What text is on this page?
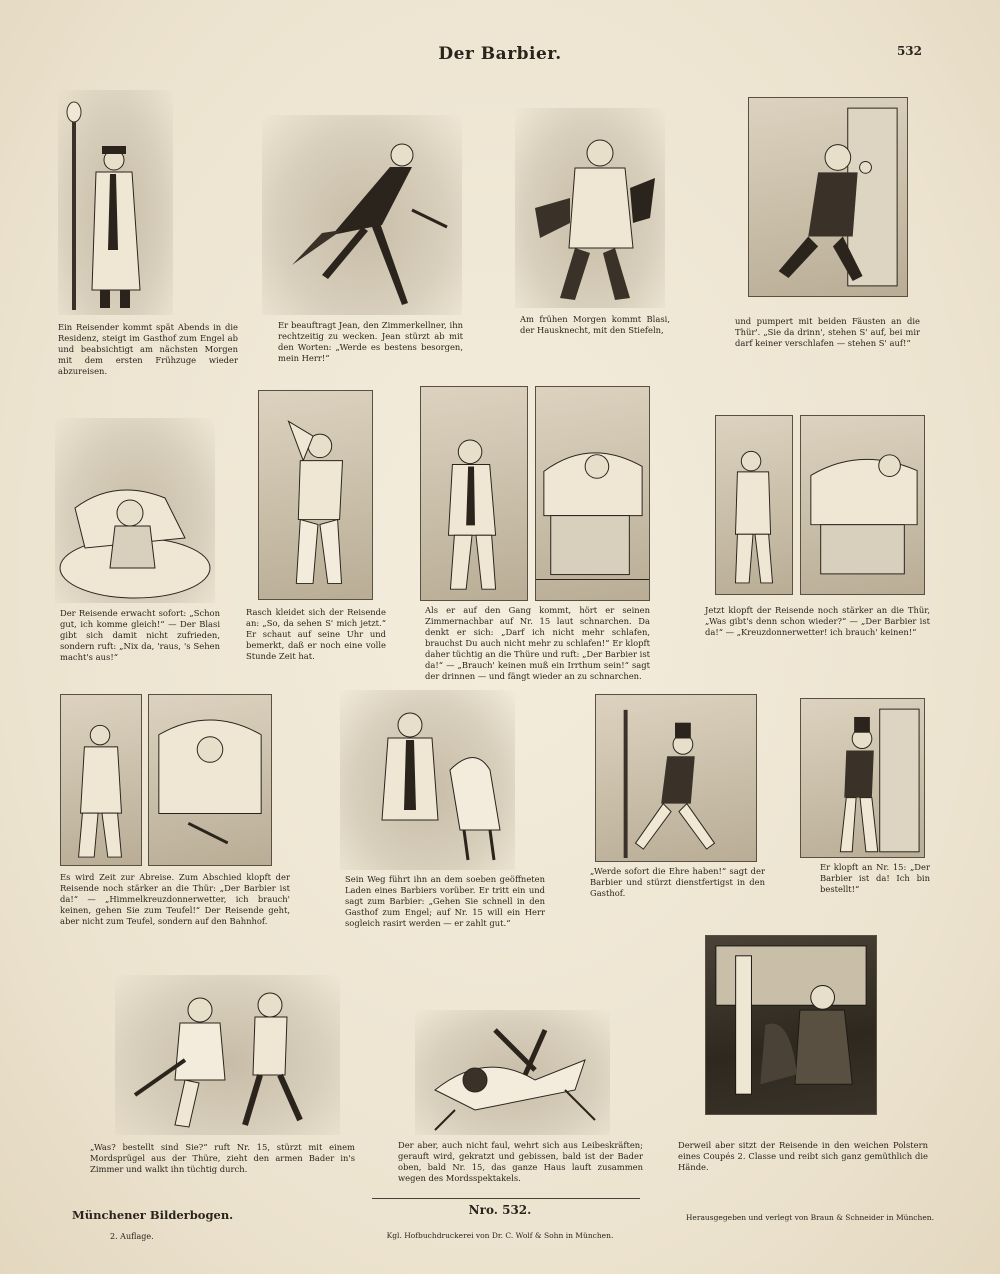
Der Barbier.	532

Ein Reisender kommt spät Abends in die Residenz, steigt im Gasthof zum Engel ab und beabsichtigt am nächsten Morgen mit dem ersten Frühzuge wieder abzureisen.

Er beauftragt Jean, den Zimmerkellner, ihn rechtzeitig zu wecken. Jean stürzt ab mit den Worten: „Werde es bestens besorgen, mein Herr!“

Am frühen Morgen kommt Blasi, der Hausknecht, mit den Stiefeln,

und pumpert mit beiden Fäusten an die Thür'. „Sie da drinn', stehen S' auf, bei mir darf keiner verschlafen — stehen S' auf!“

Der Reisende erwacht sofort: „Schon gut, ich komme gleich!“ — Der Blasi gibt sich damit nicht zufrieden, sondern ruft: „Nix da, 'raus, 's Sehen macht's aus!“

Rasch kleidet sich der Reisende an: „So, da sehen S' mich jetzt.“ Er schaut auf seine Uhr und bemerkt, daß er noch eine volle Stunde Zeit hat.

Als er auf den Gang kommt, hört er seinen Zimmernachbar auf Nr. 15 laut schnarchen. Da denkt er sich: „Darf ich nicht mehr schlafen, brauchst Du auch nicht mehr zu schlafen!“ Er klopft daher tüchtig an die Thüre und ruft: „Der Barbier ist da!“ — „Brauch' keinen muß ein Irrthum sein!“ sagt der drinnen — und fängt wieder an zu schnarchen.

Jetzt klopft der Reisende noch stärker an die Thür, „Was gibt's denn schon wieder?“ — „Der Barbier ist da!“ — „Kreuzdonnerwetter! ich brauch' keinen!“

Es wird Zeit zur Abreise. Zum Abschied klopft der Reisende noch stärker an die Thür: „Der Barbier ist da!“ — „Himmelkreuzdonnerwetter, ich brauch' keinen, gehen Sie zum Teufel!“ Der Reisende geht, aber nicht zum Teufel, sondern auf den Bahnhof.

Sein Weg führt ihn an dem soeben geöffneten Laden eines Barbiers vorüber. Er tritt ein und sagt zum Barbier: „Gehen Sie schnell in den Gasthof zum Engel; auf Nr. 15 will ein Herr sogleich rasirt werden — er zahlt gut.“

„Werde sofort die Ehre haben!“ sagt der Barbier und stürzt dienstfertigst in den Gasthof.

Er klopft an Nr. 15: „Der Barbier ist da! Ich bin bestellt!“

„Was? bestellt sind Sie?“ ruft Nr. 15, stürzt mit einem Mordsprügel aus der Thüre, zieht den armen Bader in's Zimmer und walkt ihn tüchtig durch.

Der aber, auch nicht faul, wehrt sich aus Leibeskräften; gerauft wird, gekratzt und gebissen, bald ist der Bader oben, bald Nr. 15, das ganze Haus lauft zusammen wegen des Mordsspektakels.

Derweil aber sitzt der Reisende in den weichen Polstern eines Coupés 2. Classe und reibt sich ganz gemüthlich die Hände.

Münchener Bilderbogen.
2. Auflage.
Nro. 532.
Kgl. Hofbuchdruckerei von Dr. C. Wolf & Sohn in München.
Herausgegeben und verlegt von Braun & Schneider in München.
